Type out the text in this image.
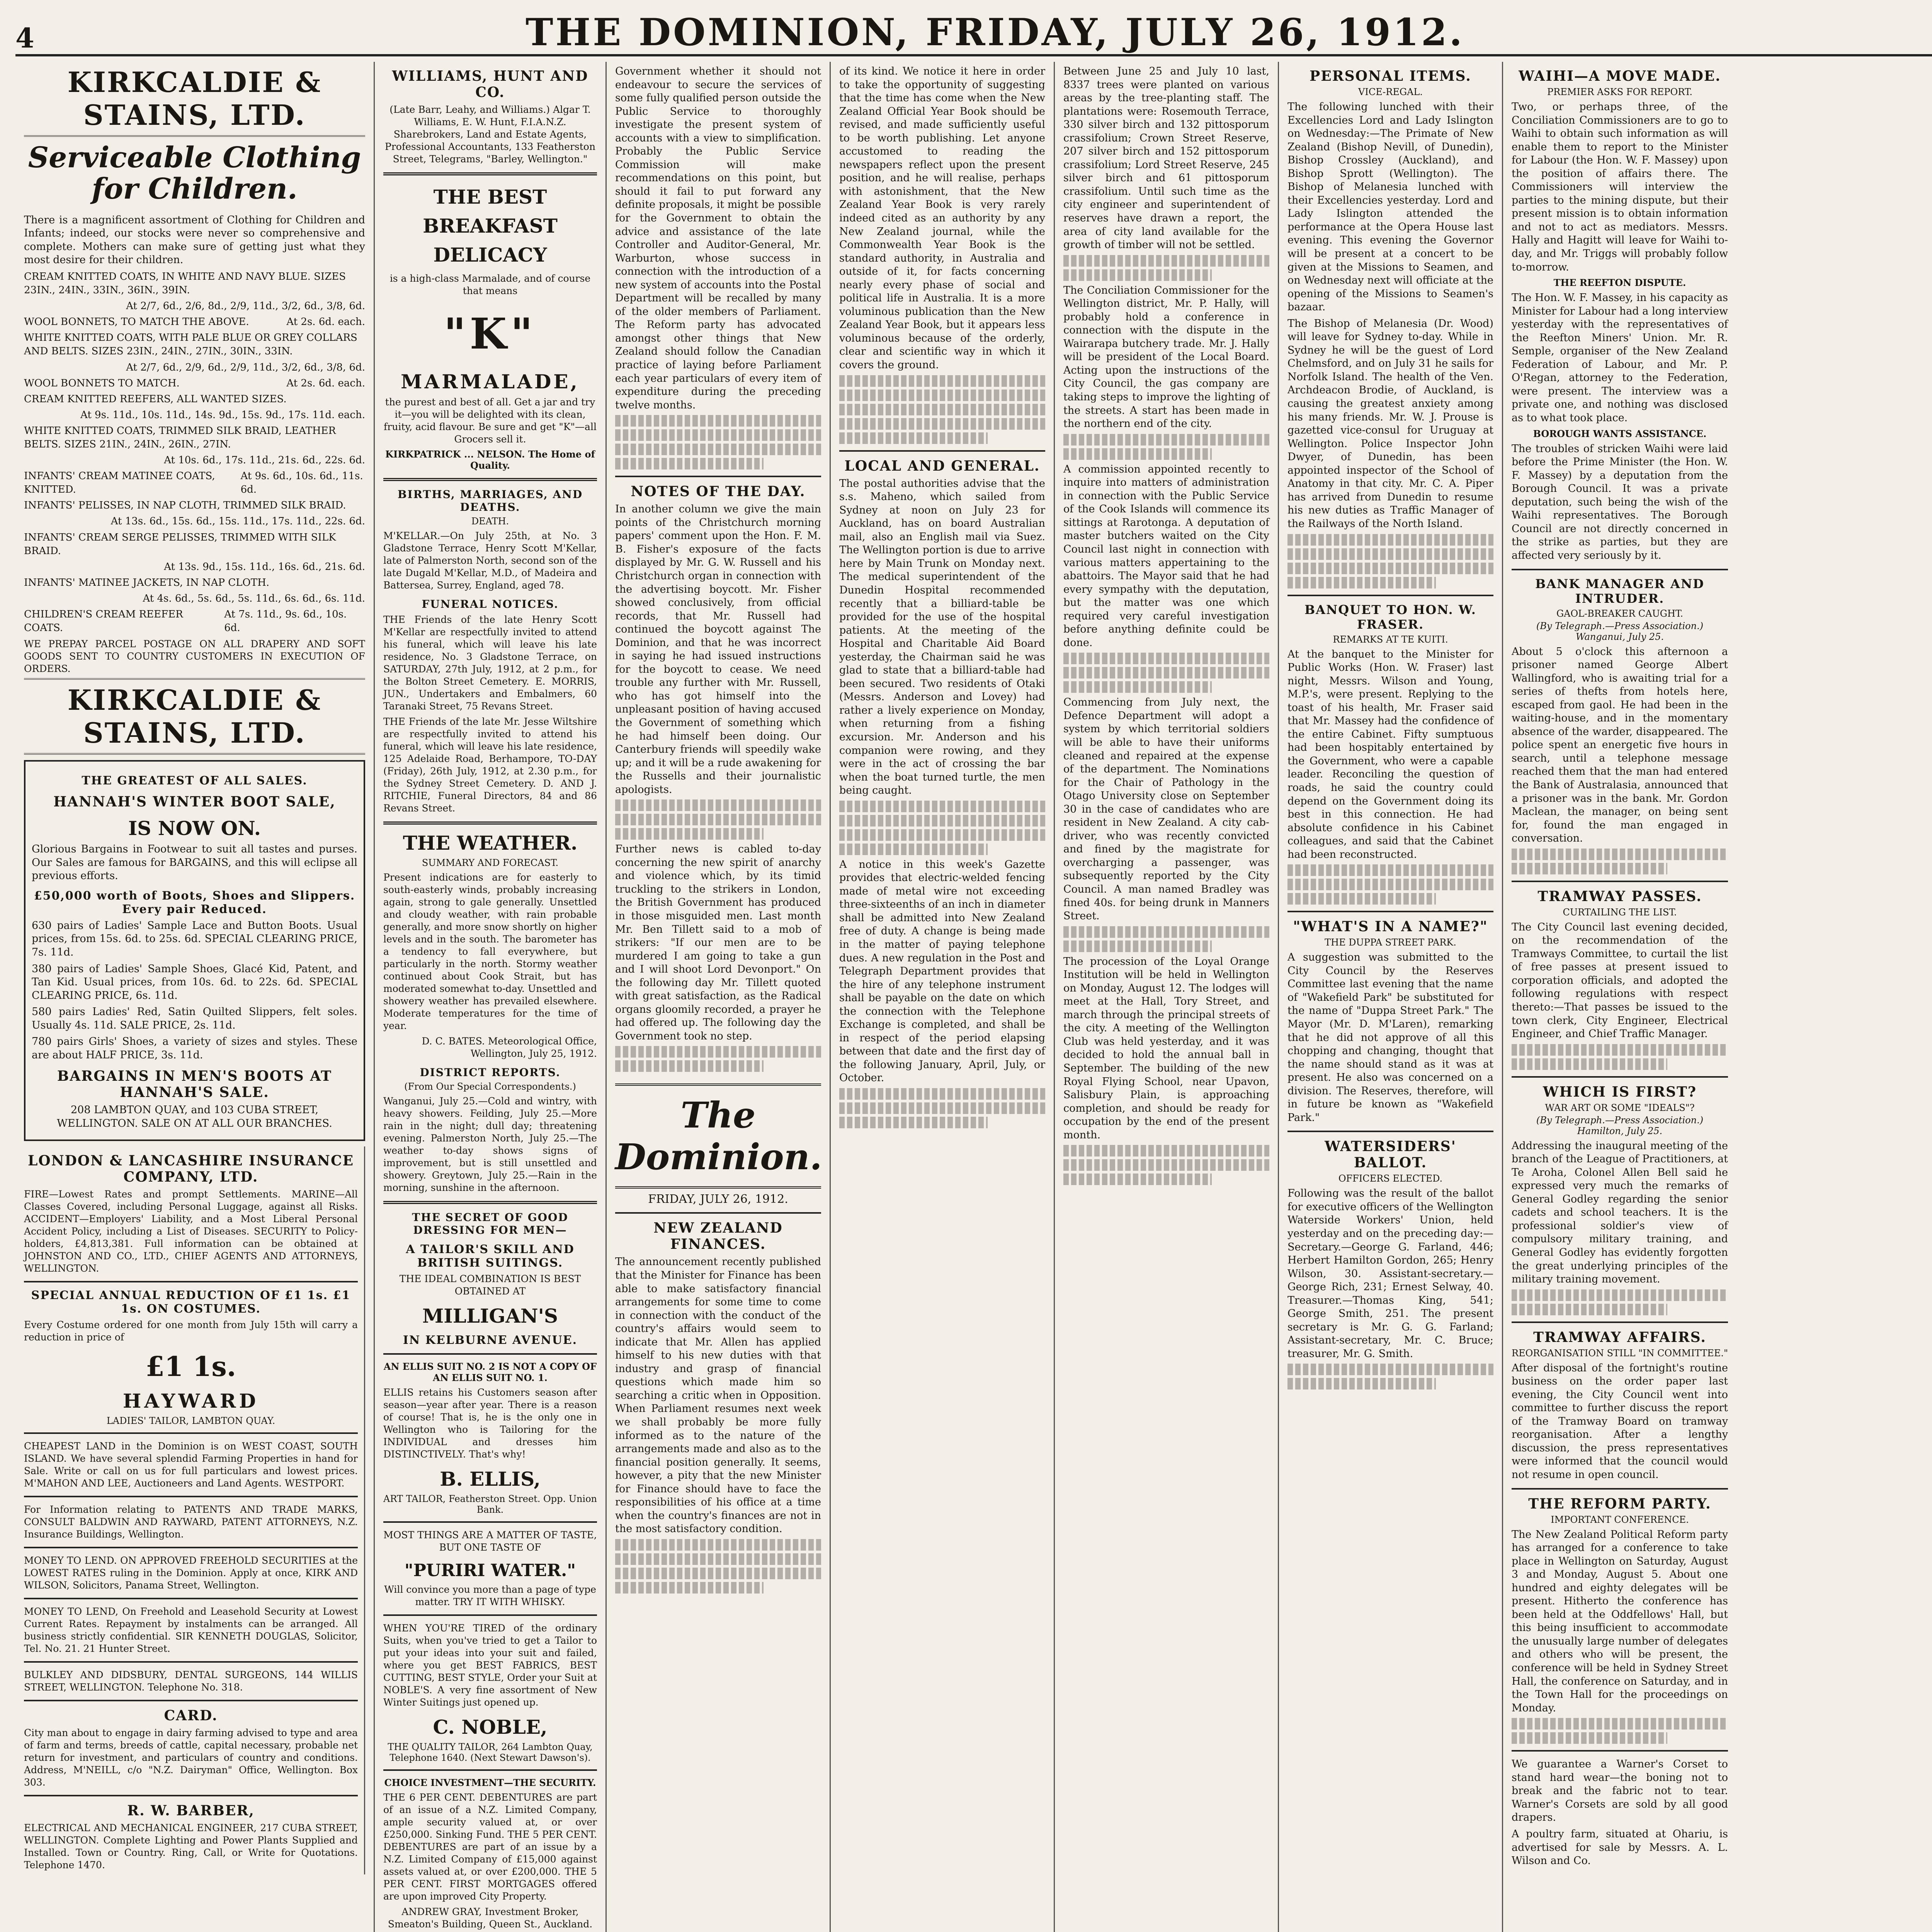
4	THE DOMINION, FRIDAY, JULY 26, 1912.
KIRKCALDIE & STAINS, LTD.
Serviceable Clothing for Children.

There is a magnificent assortment of Clothing for Children and Infants; indeed, our stocks were never so comprehensive and complete. Mothers can make sure of getting just what they most desire for their children.

CREAM KNITTED COATS, IN WHITE AND NAVY BLUE. SIZES 23IN., 24IN., 33IN., 36IN., 39IN.
At 2/7, 6d., 2/6, 8d., 2/9, 11d., 3/2, 6d., 3/8, 6d.
WOOL BONNETS, TO MATCH THE ABOVE.	At 2s. 6d. each.
WHITE KNITTED COATS, WITH PALE BLUE OR GREY COLLARS AND BELTS. SIZES 23IN., 24IN., 27IN., 30IN., 33IN.
At 2/7, 6d., 2/9, 6d., 2/9, 11d., 3/2, 6d., 3/8, 6d.
WOOL BONNETS TO MATCH.	At 2s. 6d. each.
CREAM KNITTED REEFERS, ALL WANTED SIZES.
At 9s. 11d., 10s. 11d., 14s. 9d., 15s. 9d., 17s. 11d. each.
WHITE KNITTED COATS, TRIMMED SILK BRAID, LEATHER BELTS. SIZES 21IN., 24IN., 26IN., 27IN.
At 10s. 6d., 17s. 11d., 21s. 6d., 22s. 6d.
INFANTS' CREAM MATINEE COATS, KNITTED.
At 9s. 6d., 10s. 6d., 11s. 6d.
INFANTS' PELISSES, IN NAP CLOTH, TRIMMED SILK BRAID.
At 13s. 6d., 15s. 6d., 15s. 11d., 17s. 11d., 22s. 6d.
INFANTS' CREAM SERGE PELISSES, TRIMMED WITH SILK BRAID.
At 13s. 9d., 15s. 11d., 16s. 6d., 21s. 6d.
INFANTS' MATINEE JACKETS, IN NAP CLOTH.
At 4s. 6d., 5s. 6d., 5s. 11d., 6s. 6d., 6s. 11d.
CHILDREN'S CREAM REEFER COATS.
At 7s. 11d., 9s. 6d., 10s. 6d.

WE PREPAY PARCEL POSTAGE ON ALL DRAPERY AND SOFT GOODS SENT TO COUNTRY CUSTOMERS IN EXECUTION OF ORDERS.

KIRKCALDIE & STAINS, LTD.
THE GREATEST OF ALL SALES.
HANNAH'S WINTER BOOT SALE,
IS NOW ON.

Glorious Bargains in Footwear to suit all tastes and purses. Our Sales are famous for BARGAINS, and this will eclipse all previous efforts.

£50,000 worth of Boots, Shoes and Slippers. Every pair Reduced.

630 pairs of Ladies' Sample Lace and Button Boots. Usual prices, from 15s. 6d. to 25s. 6d. SPECIAL CLEARING PRICE, 7s. 11d.

380 pairs of Ladies' Sample Shoes, Glacé Kid, Patent, and Tan Kid. Usual prices, from 10s. 6d. to 22s. 6d. SPECIAL CLEARING PRICE, 6s. 11d.

580 pairs Ladies' Red, Satin Quilted Slippers, felt soles. Usually 4s. 11d. SALE PRICE, 2s. 11d.

780 pairs Girls' Shoes, a variety of sizes and styles. These are about HALF PRICE, 3s. 11d.

BARGAINS IN MEN'S BOOTS AT HANNAH'S SALE.

208 LAMBTON QUAY, and 103 CUBA STREET, WELLINGTON. SALE ON AT ALL OUR BRANCHES.

LONDON & LANCASHIRE INSURANCE COMPANY, LTD.

FIRE—Lowest Rates and prompt Settlements. MARINE—All Classes Covered, including Personal Luggage, against all Risks. ACCIDENT—Employers' Liability, and a Most Liberal Personal Accident Policy, including a List of Diseases. SECURITY to Policy-holders, £4,813,381. Full information can be obtained at JOHNSTON AND CO., LTD., CHIEF AGENTS AND ATTORNEYS, WELLINGTON.

SPECIAL ANNUAL REDUCTION OF £1 1s. £1 1s. ON COSTUMES.

Every Costume ordered for one month from July 15th will carry a reduction in price of

£1 1s.
HAYWARD
LADIES' TAILOR, LAMBTON QUAY.

CHEAPEST LAND in the Dominion is on WEST COAST, SOUTH ISLAND. We have several splendid Farming Properties in hand for Sale. Write or call on us for full particulars and lowest prices. M'MAHON AND LEE, Auctioneers and Land Agents. WESTPORT.

For Information relating to PATENTS AND TRADE MARKS, CONSULT BALDWIN AND RAYWARD, PATENT ATTORNEYS, N.Z. Insurance Buildings, Wellington.

MONEY TO LEND. ON APPROVED FREEHOLD SECURITIES at the LOWEST RATES ruling in the Dominion. Apply at once, KIRK AND WILSON, Solicitors, Panama Street, Wellington.

MONEY TO LEND, On Freehold and Leasehold Security at Lowest Current Rates. Repayment by instalments can be arranged. All business strictly confidential. SIR KENNETH DOUGLAS, Solicitor, Tel. No. 21. 21 Hunter Street.

BULKLEY AND DIDSBURY, DENTAL SURGEONS, 144 WILLIS STREET, WELLINGTON. Telephone No. 318.

CARD.

City man about to engage in dairy farming advised to type and area of farm and terms, breeds of cattle, capital necessary, probable net return for investment, and particulars of country and conditions. Address, M'NEILL, c/o "N.Z. Dairyman" Office, Wellington. Box 303.

R. W. BARBER,

ELECTRICAL AND MECHANICAL ENGINEER, 217 CUBA STREET, WELLINGTON. Complete Lighting and Power Plants Supplied and Installed. Town or Country. Ring, Call, or Write for Quotations. Telephone 1470.

WILLIAMS, HUNT AND CO.

(Late Barr, Leahy, and Williams.) Algar T. Williams, E. W. Hunt, F.I.A.N.Z. Sharebrokers, Land and Estate Agents, Professional Accountants, 133 Featherston Street, Telegrams, "Barley, Wellington."

THE BEST BREAKFAST DELICACY

is a high-class Marmalade, and of course that means

"K"
MARMALADE,

the purest and best of all. Get a jar and try it—you will be delighted with its clean, fruity, acid flavour. Be sure and get "K"—all Grocers sell it.

KIRKPATRICK ... NELSON. The Home of Quality.
BIRTHS, MARRIAGES, AND DEATHS.
DEATH.

M'KELLAR.—On July 25th, at No. 3 Gladstone Terrace, Henry Scott M'Kellar, late of Palmerston North, second son of the late Dugald M'Kellar, M.D., of Madeira and Battersea, Surrey, England, aged 78.

FUNERAL NOTICES.

THE Friends of the late Henry Scott M'Kellar are respectfully invited to attend his funeral, which will leave his late residence, No. 3 Gladstone Terrace, on SATURDAY, 27th July, 1912, at 2 p.m., for the Bolton Street Cemetery. E. MORRIS, JUN., Undertakers and Embalmers, 60 Taranaki Street, 75 Revans Street.

THE Friends of the late Mr. Jesse Wiltshire are respectfully invited to attend his funeral, which will leave his late residence, 125 Adelaide Road, Berhampore, TO-DAY (Friday), 26th July, 1912, at 2.30 p.m., for the Sydney Street Cemetery. D. AND J. RITCHIE, Funeral Directors, 84 and 86 Revans Street.

THE WEATHER.
SUMMARY AND FORECAST.

Present indications are for easterly to south-easterly winds, probably increasing again, strong to gale generally. Unsettled and cloudy weather, with rain probable generally, and more snow shortly on higher levels and in the south. The barometer has a tendency to fall everywhere, but particularly in the north. Stormy weather continued about Cook Strait, but has moderated somewhat to-day. Unsettled and showery weather has prevailed elsewhere. Moderate temperatures for the time of year.

D. C. BATES. Meteorological Office, Wellington, July 25, 1912.

DISTRICT REPORTS.
(From Our Special Correspondents.)

Wanganui, July 25.—Cold and wintry, with heavy showers. Feilding, July 25.—More rain in the night; dull day; threatening evening. Palmerston North, July 25.—The weather to-day shows signs of improvement, but is still unsettled and showery. Greytown, July 25.—Rain in the morning, sunshine in the afternoon.

THE SECRET OF GOOD DRESSING FOR MEN—
A TAILOR'S SKILL AND BRITISH SUITINGS.

THE IDEAL COMBINATION IS BEST OBTAINED AT

MILLIGAN'S
IN KELBURNE AVENUE.
AN ELLIS SUIT NO. 2 IS NOT A COPY OF AN ELLIS SUIT NO. 1.

ELLIS retains his Customers season after season—year after year. There is a reason of course! That is, he is the only one in Wellington who is Tailoring for the INDIVIDUAL and dresses him DISTINCTIVELY. That's why!

B. ELLIS,
ART TAILOR, Featherston Street. Opp. Union Bank.

MOST THINGS ARE A MATTER OF TASTE, BUT ONE TASTE OF

"PURIRI WATER."

Will convince you more than a page of type matter. TRY IT WITH WHISKY.

WHEN YOU'RE TIRED of the ordinary Suits, when you've tried to get a Tailor to put your ideas into your suit and failed, where you get BEST FABRICS, BEST CUTTING, BEST STYLE, Order your Suit at NOBLE'S. A very fine assortment of New Winter Suitings just opened up.

C. NOBLE,
THE QUALITY TAILOR, 264 Lambton Quay, Telephone 1640. (Next Stewart Dawson's).
CHOICE INVESTMENT—THE SECURITY.

THE 6 PER CENT. DEBENTURES are part of an issue of a N.Z. Limited Company, ample security valued at, or over £250,000. Sinking Fund. THE 5 PER CENT. DEBENTURES are part of an issue by a N.Z. Limited Company of £15,000 against assets valued at, or over £200,000. THE 5 PER CENT. FIRST MORTGAGES offered are upon improved City Property.

ANDREW GRAY, Investment Broker, Smeaton's Building, Queen St., Auckland.

Government whether it should not endeavour to secure the services of some fully qualified person outside the Public Service to thoroughly investigate the present system of accounts with a view to simplification. Probably the Public Service Commission will make recommendations on this point, but should it fail to put forward any definite proposals, it might be possible for the Government to obtain the advice and assistance of the late Controller and Auditor-General, Mr. Warburton, whose success in connection with the introduction of a new system of accounts into the Postal Department will be recalled by many of the older members of Parliament. The Reform party has advocated amongst other things that New Zealand should follow the Canadian practice of laying before Parliament each year particulars of every item of expenditure during the preceding twelve months.

NOTES OF THE DAY.

In another column we give the main points of the Christchurch morning papers' comment upon the Hon. F. M. B. Fisher's exposure of the facts displayed by Mr. G. W. Russell and his Christchurch organ in connection with the advertising boycott. Mr. Fisher showed conclusively, from official records, that Mr. Russell had continued the boycott against The Dominion, and that he was incorrect in saying he had issued instructions for the boycott to cease. We need trouble any further with Mr. Russell, who has got himself into the unpleasant position of having accused the Government of something which he had himself been doing. Our Canterbury friends will speedily wake up; and it will be a rude awakening for the Russells and their journalistic apologists.

Further news is cabled to-day concerning the new spirit of anarchy and violence which, by its timid truckling to the strikers in London, the British Government has produced in those misguided men. Last month Mr. Ben Tillett said to a mob of strikers: "If our men are to be murdered I am going to take a gun and I will shoot Lord Devonport." On the following day Mr. Tillett quoted with great satisfaction, as the Radical organs gloomily recorded, a prayer he had offered up. The following day the Government took no step.

The Dominion.
FRIDAY, JULY 26, 1912.
NEW ZEALAND FINANCES.

The announcement recently published that the Minister for Finance has been able to make satisfactory financial arrangements for some time to come in connection with the conduct of the country's affairs would seem to indicate that Mr. Allen has applied himself to his new duties with that industry and grasp of financial questions which made him so searching a critic when in Opposition. When Parliament resumes next week we shall probably be more fully informed as to the nature of the arrangements made and also as to the financial position generally. It seems, however, a pity that the new Minister for Finance should have to face the responsibilities of his office at a time when the country's finances are not in the most satisfactory condition.

of its kind. We notice it here in order to take the opportunity of suggesting that the time has come when the New Zealand Official Year Book should be revised, and made sufficiently useful to be worth publishing. Let anyone accustomed to reading the newspapers reflect upon the present position, and he will realise, perhaps with astonishment, that the New Zealand Year Book is very rarely indeed cited as an authority by any New Zealand journal, while the Commonwealth Year Book is the standard authority, in Australia and outside of it, for facts concerning nearly every phase of social and political life in Australia. It is a more voluminous publication than the New Zealand Year Book, but it appears less voluminous because of the orderly, clear and scientific way in which it covers the ground.

LOCAL AND GENERAL.

The postal authorities advise that the s.s. Maheno, which sailed from Sydney at noon on July 23 for Auckland, has on board Australian mail, also an English mail via Suez. The Wellington portion is due to arrive here by Main Trunk on Monday next. The medical superintendent of the Dunedin Hospital recommended recently that a billiard-table be provided for the use of the hospital patients. At the meeting of the Hospital and Charitable Aid Board yesterday, the Chairman said he was glad to state that a billiard-table had been secured. Two residents of Otaki (Messrs. Anderson and Lovey) had rather a lively experience on Monday, when returning from a fishing excursion. Mr. Anderson and his companion were rowing, and they were in the act of crossing the bar when the boat turned turtle, the men being caught.

A notice in this week's Gazette provides that electric-welded fencing made of metal wire not exceeding three-sixteenths of an inch in diameter shall be admitted into New Zealand free of duty. A change is being made in the matter of paying telephone dues. A new regulation in the Post and Telegraph Department provides that the hire of any telephone instrument shall be payable on the date on which the connection with the Telephone Exchange is completed, and shall be in respect of the period elapsing between that date and the first day of the following January, April, July, or October.

Between June 25 and July 10 last, 8337 trees were planted on various areas by the tree-planting staff. The plantations were: Rosemouth Terrace, 330 silver birch and 132 pittosporum crassifolium; Crown Street Reserve, 207 silver birch and 152 pittosporum crassifolium; Lord Street Reserve, 245 silver birch and 61 pittosporum crassifolium. Until such time as the city engineer and superintendent of reserves have drawn a report, the area of city land available for the growth of timber will not be settled.

The Conciliation Commissioner for the Wellington district, Mr. P. Hally, will probably hold a conference in connection with the dispute in the Wairarapa butchery trade. Mr. J. Hally will be president of the Local Board. Acting upon the instructions of the City Council, the gas company are taking steps to improve the lighting of the streets. A start has been made in the northern end of the city.

A commission appointed recently to inquire into matters of administration in connection with the Public Service of the Cook Islands will commence its sittings at Rarotonga. A deputation of master butchers waited on the City Council last night in connection with various matters appertaining to the abattoirs. The Mayor said that he had every sympathy with the deputation, but the matter was one which required very careful investigation before anything definite could be done.

Commencing from July next, the Defence Department will adopt a system by which territorial soldiers will be able to have their uniforms cleaned and repaired at the expense of the department. The Nominations for the Chair of Pathology in the Otago University close on September 30 in the case of candidates who are resident in New Zealand. A city cab-driver, who was recently convicted and fined by the magistrate for overcharging a passenger, was subsequently reported by the City Council. A man named Bradley was fined 40s. for being drunk in Manners Street.

The procession of the Loyal Orange Institution will be held in Wellington on Monday, August 12. The lodges will meet at the Hall, Tory Street, and march through the principal streets of the city. A meeting of the Wellington Club was held yesterday, and it was decided to hold the annual ball in September. The building of the new Royal Flying School, near Upavon, Salisbury Plain, is approaching completion, and should be ready for occupation by the end of the present month.

PERSONAL ITEMS.
VICE-REGAL.

The following lunched with their Excellencies Lord and Lady Islington on Wednesday:—The Primate of New Zealand (Bishop Nevill, of Dunedin), Bishop Crossley (Auckland), and Bishop Sprott (Wellington). The Bishop of Melanesia lunched with their Excellencies yesterday. Lord and Lady Islington attended the performance at the Opera House last evening. This evening the Governor will be present at a concert to be given at the Missions to Seamen, and on Wednesday next will officiate at the opening of the Missions to Seamen's bazaar.

The Bishop of Melanesia (Dr. Wood) will leave for Sydney to-day. While in Sydney he will be the guest of Lord Chelmsford, and on July 31 he sails for Norfolk Island. The health of the Ven. Archdeacon Brodie, of Auckland, is causing the greatest anxiety among his many friends. Mr. W. J. Prouse is gazetted vice-consul for Uruguay at Wellington. Police Inspector John Dwyer, of Dunedin, has been appointed inspector of the School of Anatomy in that city. Mr. C. A. Piper has arrived from Dunedin to resume his new duties as Traffic Manager of the Railways of the North Island.

BANQUET TO HON. W. FRASER.
REMARKS AT TE KUITI.

At the banquet to the Minister for Public Works (Hon. W. Fraser) last night, Messrs. Wilson and Young, M.P.'s, were present. Replying to the toast of his health, Mr. Fraser said that Mr. Massey had the confidence of the entire Cabinet. Fifty sumptuous had been hospitably entertained by the Government, who were a capable leader. Reconciling the question of roads, he said the country could depend on the Government doing its best in this connection. He had absolute confidence in his Cabinet colleagues, and said that the Cabinet had been reconstructed.

"WHAT'S IN A NAME?"
THE DUPPA STREET PARK.

A suggestion was submitted to the City Council by the Reserves Committee last evening that the name of "Wakefield Park" be substituted for the name of "Duppa Street Park." The Mayor (Mr. D. M'Laren), remarking that he did not approve of all this chopping and changing, thought that the name should stand as it was at present. He also was concerned on a division. The Reserves, therefore, will in future be known as "Wakefield Park."

WATERSIDERS' BALLOT.
OFFICERS ELECTED.

Following was the result of the ballot for executive officers of the Wellington Waterside Workers' Union, held yesterday and on the preceding day:—Secretary.—George G. Farland, 446; Herbert Hamilton Gordon, 265; Henry Wilson, 30. Assistant-secretary.—George Rich, 231; Ernest Selway, 40. Treasurer.—Thomas King, 541; George Smith, 251. The present secretary is Mr. G. G. Farland; Assistant-secretary, Mr. C. Bruce; treasurer, Mr. G. Smith.

WAIHI—A MOVE MADE.
PREMIER ASKS FOR REPORT.

Two, or perhaps three, of the Conciliation Commissioners are to go to Waihi to obtain such information as will enable them to report to the Minister for Labour (the Hon. W. F. Massey) upon the position of affairs there. The Commissioners will interview the parties to the mining dispute, but their present mission is to obtain information and not to act as mediators. Messrs. Hally and Hagitt will leave for Waihi to-day, and Mr. Triggs will probably follow to-morrow.

THE REEFTON DISPUTE.

The Hon. W. F. Massey, in his capacity as Minister for Labour had a long interview yesterday with the representatives of the Reefton Miners' Union. Mr. R. Semple, organiser of the New Zealand Federation of Labour, and Mr. P. O'Regan, attorney to the Federation, were present. The interview was a private one, and nothing was disclosed as to what took place.

BOROUGH WANTS ASSISTANCE.

The troubles of stricken Waihi were laid before the Prime Minister (the Hon. W. F. Massey) by a deputation from the Borough Council. It was a private deputation, such being the wish of the Waihi representatives. The Borough Council are not directly concerned in the strike as parties, but they are affected very seriously by it.

BANK MANAGER AND INTRUDER.
GAOL-BREAKER CAUGHT.
(By Telegraph.—Press Association.) Wanganui, July 25.

About 5 o'clock this afternoon a prisoner named George Albert Wallingford, who is awaiting trial for a series of thefts from hotels here, escaped from gaol. He had been in the waiting-house, and in the momentary absence of the warder, disappeared. The police spent an energetic five hours in search, until a telephone message reached them that the man had entered the Bank of Australasia, announced that a prisoner was in the bank. Mr. Gordon Maclean, the manager, on being sent for, found the man engaged in conversation.

TRAMWAY PASSES.
CURTAILING THE LIST.

The City Council last evening decided, on the recommendation of the Tramways Committee, to curtail the list of free passes at present issued to corporation officials, and adopted the following regulations with respect thereto:—That passes be issued to the town clerk, City Engineer, Electrical Engineer, and Chief Traffic Manager.

WHICH IS FIRST?
WAR ART OR SOME "IDEALS"?
(By Telegraph.—Press Association.) Hamilton, July 25.

Addressing the inaugural meeting of the branch of the League of Practitioners, at Te Aroha, Colonel Allen Bell said he expressed very much the remarks of General Godley regarding the senior cadets and school teachers. It is the professional soldier's view of compulsory military training, and General Godley has evidently forgotten the great underlying principles of the military training movement.

TRAMWAY AFFAIRS.
REORGANISATION STILL "IN COMMITTEE."

After disposal of the fortnight's routine business on the order paper last evening, the City Council went into committee to further discuss the report of the Tramway Board on tramway reorganisation. After a lengthy discussion, the press representatives were informed that the council would not resume in open council.

THE REFORM PARTY.
IMPORTANT CONFERENCE.

The New Zealand Political Reform party has arranged for a conference to take place in Wellington on Saturday, August 3 and Monday, August 5. About one hundred and eighty delegates will be present. Hitherto the conference has been held at the Oddfellows' Hall, but this being insufficient to accommodate the unusually large number of delegates and others who will be present, the conference will be held in Sydney Street Hall, the conference on Saturday, and in the Town Hall for the proceedings on Monday.

We guarantee a Warner's Corset to stand hard wear—the boning not to break and the fabric not to tear. Warner's Corsets are sold by all good drapers.

A poultry farm, situated at Ohariu, is advertised for sale by Messrs. A. L. Wilson and Co.
